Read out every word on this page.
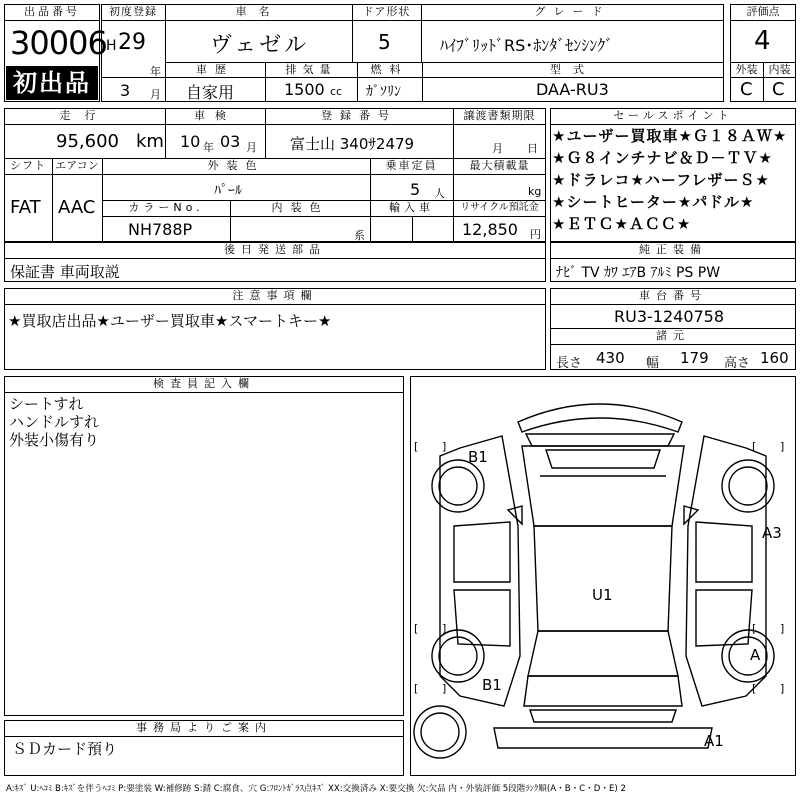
出品番号
30006
初出品
初度登録
H 29
年
3 月
車名
ヴェゼル
ドア形状
5
グレード
ﾊｲﾌﾞﾘｯﾄﾞRS･ﾎﾝﾀﾞｾﾝｼﾝｸﾞ
車歴
自家用
排気量
1500 cc
燃料
ｶﾞｿﾘﾝ
型式
DAA-RU3
評価点
4
外装	内装
C C
走行
95,600 km
車検
10 年 03 月
登録番号
富士山 340ｻ2479
譲渡書類期限
月 日
シフト
FAT
エアコン
AAC
外装色
ﾊﾟｰﾙ
乗車定員
5 人
最大積載量
kg
カラーNo.
NH788P
内装色
系
輸入車	リサイクル預託金
12,850 円
セールスポイント
★ユーザー買取車★Ｇ１８ＡＷ★
★Ｇ８インチナビ＆Ｄ－ＴＶ★
★ドラレコ★ハーフレザーＳ★
★シートヒーター★パドル★
★ＥＴＣ★ＡＣＣ★
後日発送部品
保証書 車両取説
純正装備
ﾅﾋﾞ TV ｶﾜ ｴｱB ｱﾙﾐ PS PW
注意事項欄
★買取店出品★ユーザー買取車★スマートキー★
車台番号
RU3-1240758
諸元
長さ 430 幅 179 高さ 160
検査員記入欄
シートすれ
ハンドルすれ
外装小傷有り
事務局よりご案内
ＳＤカード預り
B1
A3
U1
A
B1
A1
[ ]	[ ]
[ ]	[ ]
[ ]	[ ]
A:ｷｽﾞ U:ﾍｺﾐ B:ｷｽﾞを伴うﾍｺﾐ P:要塗装 W:補修跡 S:錆 C:腐食、穴 G:ﾌﾛﾝﾄｶﾞﾗｽ点ｷｽﾞ XX:交換済み X:要交換 欠:欠品 内・外装評価 5段階ﾗﾝｸ順(A・B・C・D・E) 2
